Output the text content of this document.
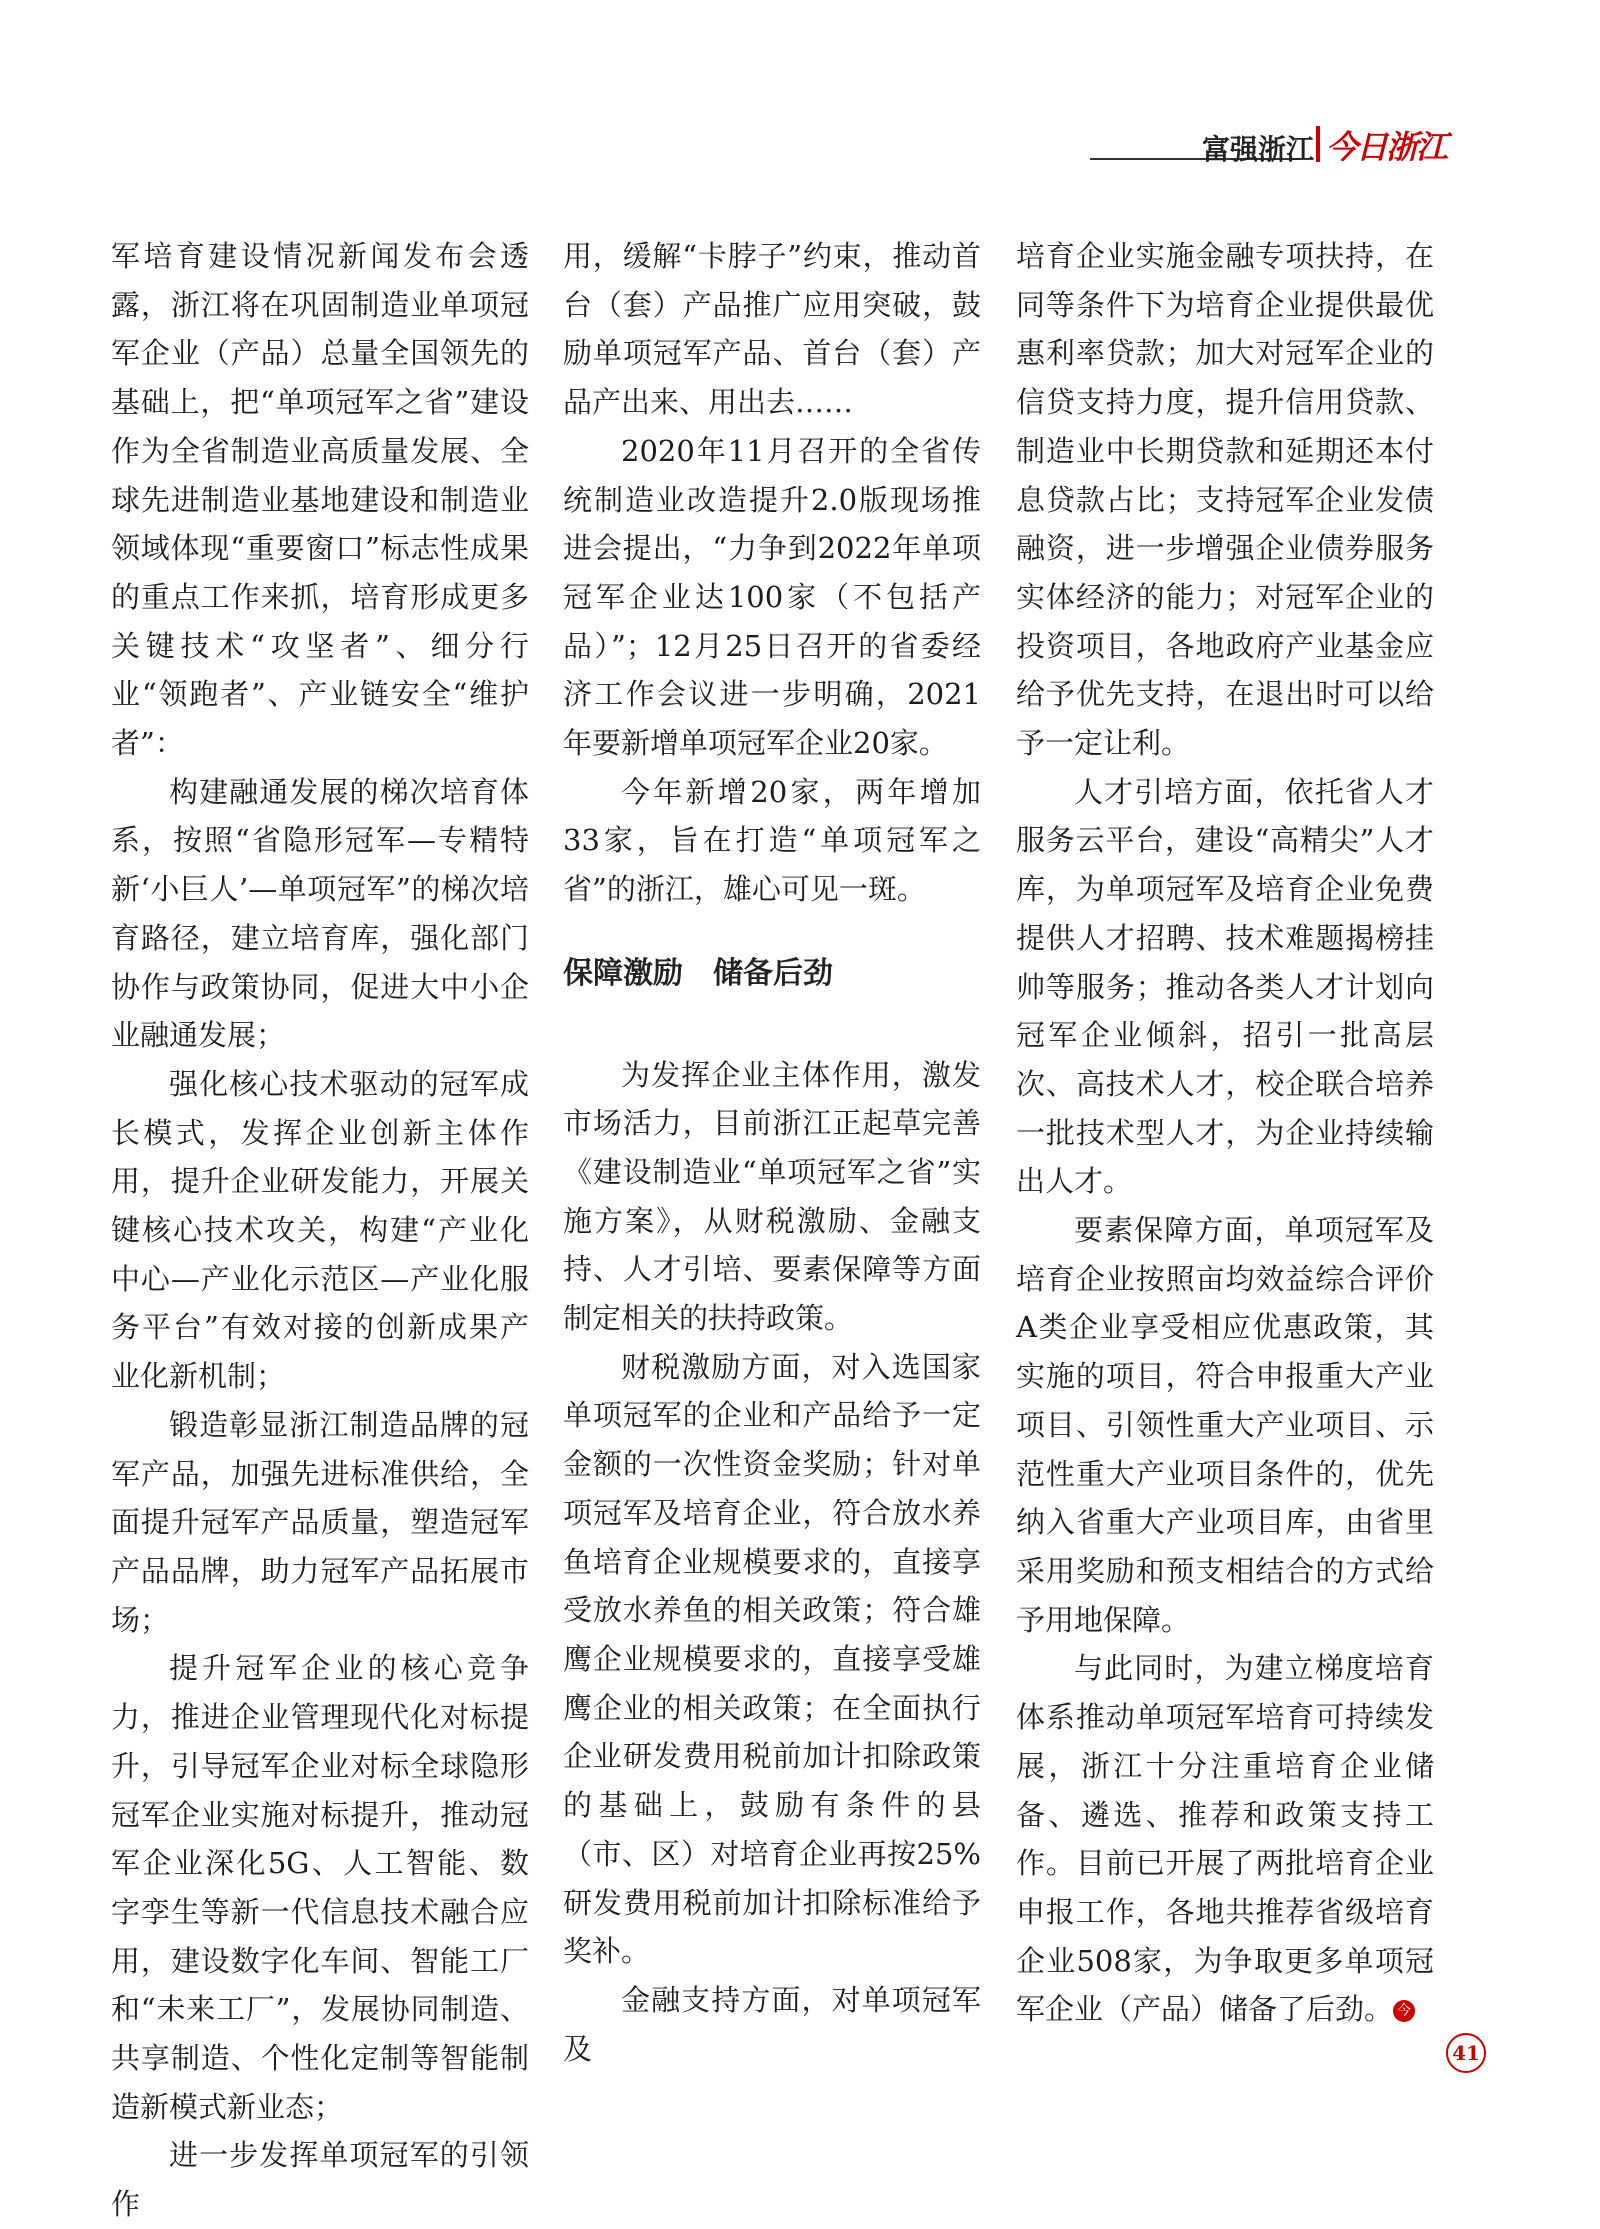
富强浙江 今日浙江

军培育建设情况新闻发布会透露，浙江将在巩固制造业单项冠军企业（产品）总量全国领先的基础上，把“单项冠军之省”建设作为全省制造业高质量发展、全球先进制造业基地建设和制造业领域体现“重要窗口”标志性成果的重点工作来抓，培育形成更多关键技术“攻坚者”、细分行业“领跑者”、产业链安全“维护者”：

构建融通发展的梯次培育体系，按照“省隐形冠军—专精特新‘小巨人’—单项冠军”的梯次培育路径，建立培育库，强化部门协作与政策协同，促进大中小企业融通发展；

强化核心技术驱动的冠军成长模式，发挥企业创新主体作用，提升企业研发能力，开展关键核心技术攻关，构建“产业化中心—产业化示范区—产业化服务平台”有效对接的创新成果产业化新机制；

锻造彰显浙江制造品牌的冠军产品，加强先进标准供给，全面提升冠军产品质量，塑造冠军产品品牌，助力冠军产品拓展市场；

提升冠军企业的核心竞争力，推进企业管理现代化对标提升，引导冠军企业对标全球隐形冠军企业实施对标提升，推动冠军企业深化5G、人工智能、数字孪生等新一代信息技术融合应用，建设数字化车间、智能工厂和“未来工厂”，发展协同制造、共享制造、个性化定制等智能制造新模式新业态；

进一步发挥单项冠军的引领作

用，缓解“卡脖子”约束，推动首台（套）产品推广应用突破，鼓励单项冠军产品、首台（套）产品产出来、用出去……

2020年11月召开的全省传统制造业改造提升2.0版现场推进会提出，“力争到2022年单项冠军企业达100家（不包括产品）”；12月25日召开的省委经济工作会议进一步明确，2021年要新增单项冠军企业20家。

今年新增20家，两年增加33家，旨在打造“单项冠军之省”的浙江，雄心可见一斑。

保障激励　储备后劲

为发挥企业主体作用，激发市场活力，目前浙江正起草完善《建设制造业“单项冠军之省”实施方案》，从财税激励、金融支持、人才引培、要素保障等方面制定相关的扶持政策。

财税激励方面，对入选国家单项冠军的企业和产品给予一定金额的一次性资金奖励；针对单项冠军及培育企业，符合放水养鱼培育企业规模要求的，直接享受放水养鱼的相关政策；符合雄鹰企业规模要求的，直接享受雄鹰企业的相关政策；在全面执行企业研发费用税前加计扣除政策的基础上，鼓励有条件的县（市、区）对培育企业再按25%研发费用税前加计扣除标准给予奖补。

金融支持方面，对单项冠军及

培育企业实施金融专项扶持，在同等条件下为培育企业提供最优惠利率贷款；加大对冠军企业的信贷支持力度，提升信用贷款、制造业中长期贷款和延期还本付息贷款占比；支持冠军企业发债融资，进一步增强企业债券服务实体经济的能力；对冠军企业的投资项目，各地政府产业基金应给予优先支持，在退出时可以给予一定让利。

人才引培方面，依托省人才服务云平台，建设“高精尖”人才库，为单项冠军及培育企业免费提供人才招聘、技术难题揭榜挂帅等服务；推动各类人才计划向冠军企业倾斜，招引一批高层次、高技术人才，校企联合培养一批技术型人才，为企业持续输出人才。

要素保障方面，单项冠军及培育企业按照亩均效益综合评价A类企业享受相应优惠政策，其实施的项目，符合申报重大产业项目、引领性重大产业项目、示范性重大产业项目条件的，优先纳入省重大产业项目库，由省里采用奖励和预支相结合的方式给予用地保障。

与此同时，为建立梯度培育体系推动单项冠军培育可持续发展，浙江十分注重培育企业储备、遴选、推荐和政策支持工作。目前已开展了两批培育企业申报工作，各地共推荐省级培育企业508家，为争取更多单项冠军企业（产品）储备了后劲。 今

41
